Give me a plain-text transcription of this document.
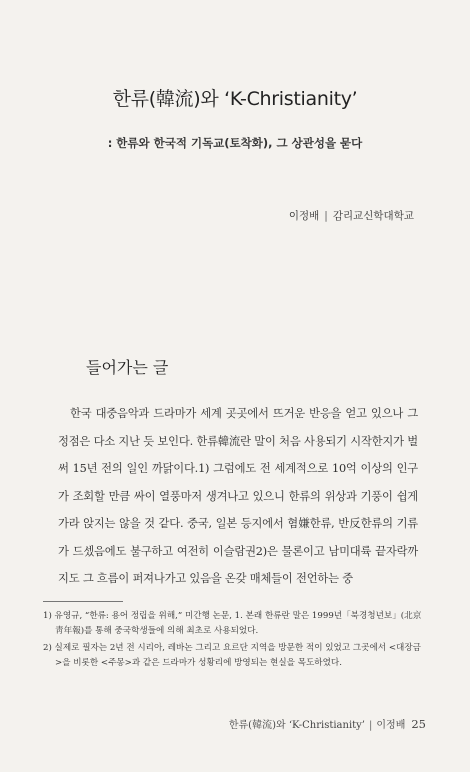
한류(韓流)와 ‘K-Christianity’
: 한류와 한국적 기독교(토착화), 그 상관성을 묻다
이정배 | 감리교신학대학교
들어가는 글

한국 대중음악과 드라마가 세계 곳곳에서 뜨거운 반응을 얻고 있으나 그 정점은 다소 지난 듯 보인다. 한류韓流란 말이 처음 사용되기 시작한지가 벌써 15년 전의 일인 까닭이다.1) 그럼에도 전 세계적으로 10억 이상의 인구가 조회할 만큼 싸이 열풍마저 생겨나고 있으니 한류의 위상과 기풍이 쉽게 가라 앉지는 않을 것 같다. 중국, 일본 등지에서 혐嫌한류, 반反한류의 기류가 드셌음에도 불구하고 여전히 이슬람권2)은 물론이고 남미대륙 끝자락까지도 그 흐름이 퍼져나가고 있음을 온갖 매체들이 전언하는 중

1) 유영규, “한류: 용어 정립을 위해,” 미간행 논문, 1. 본래 한류란 말은 1999년「북경청년보」(北京靑年報)를 통해 중국학생들에 의해 최초로 사용되었다.

2) 실제로 필자는 2년 전 시리아, 레바논 그리고 요르단 지역을 방문한 적이 있었고 그곳에서 <대장금>을 비롯한 <주몽>과 같은 드라마가 성황리에 방영되는 현실을 목도하였다.

한류(韓流)와 ‘K-Christianity’ | 이정배 25
